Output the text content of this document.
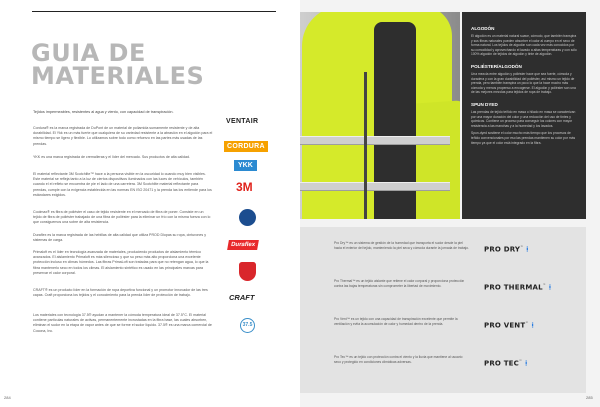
GUIA DE
MATERIALES

Tejidos impermeables, resistentes al agua y viento, con capacidad de transpiración.

Cordura® es la marca registrada de DuPont de un material de poliamida sumamente resistente y de alta durabilidad. El Ykk es un más fuerte que cualquiera de su variedad resistente a la abrasión en el algodón para el mismo tiempo se ligero y flexible. Lo utilizamos sobre todo como refuerzo en las partes más usadas de las prendas.

YKK es una marca registrada de cremalleras y el líder del mercado. Sus productos de alta calidad.

El material reflectante 3M Scotchlite™ hace a la persona visible en la oscuridad lo cuando muy bien visibles. Este material se refleja tanto a la luz de ciertos dispositivos iluminados con las luces de vehículos, también cuando el el refleto se encuentra de pie el lado de una carretera. 3M Scotchlite material reflectante para prendas, cumple con la exigencia establecida en las normas EN ISO 20471 y la prenda las los entiende para los estándares exigidos.

Coolmax® es fibra de poliéster el caso de tejido resistente en el mercado de fibra de poner. Consiste en un tejido de fibra de poliéster trabajado de una fibra de poliéster para la eliminar un frío con la mísma fuerza con lo que consiguemos una sobre de alta resistencia.

Duraflex es la marca registrada de las hebillas de alta calidad que utiliza PROD Dlopas su ropa, cinturones y sistemas de carga.

Primaloft es el líder en tecnología avanzada de materiales, produciendo productos de aislamiento térmico avanzados. El aislamiento Primaloft es más silencioso y que su peso más alto proporciona una excelente protección incluso en climas húmedos. Las fibras PrimaLoft son tratadas para que no retengan agua, lo que la fibra mantenerlo seco en todos los climas. El aislamiento sintético es usado en las principales marcas para preservar el calor corporal.

CRAFT® es un producto líder en la formación de ropa deportiva funcional y un promotor innovador de las tres capas. Craft proporciona los tejidos y el conocimiento para la prenda líder de protección de trabajo.

Los materiales con tecnología 37.5® ayudan a mantener la cómoda temperatura ideal de 37.5°C. El material contiene partículas naturales de activas, permanentemente incrustadas en la fibra base, las cuales absorben, eliminan el sudor en la etapa de vapor antes de que se forme el sudor líquido. 37.5® es una marca comercial de Cocona, Inc.

VENTAIR
CORDURA
YKK
3M
Duraflex
CRAFT
37.5
284
ALGODÓN

El algodón es un material natural suave, cómodo, que también transpira y sus fibras naturales pueden absorber el calor al cuerpo en el seco de forma natural. Los tejidos de algodón son cada vez más conocidos por su comodidad y aprovechando el lavado a altas temperaturas y con sólo 100% algodón de tejidos de algodón y tinte de algodón.

POLIÉSTER/ALGODÓN

Una mezcla entre algodón y poliéster hace que sea fuerte, cómoda y duradera y con la gran durabilidad del poliéster, así mismo un tejido de prenda, pero también transpira un poco lo que la hace mucho más cómoda y menos propenso a encogerse. El algodón y poliéster son una de las mejores mezclas para tejidos de ropa de trabajo.

SPUN DYED

Las prendas de tejido teñido en masa o hilado en masa se caracterizan por una mayor duración del color y una reducción del uso de tintes y químicos. Contiene un proceso para conseguir los colores con mayor resistencia a las manchas y a la humedad y los lavados.

Spun-dyed sostiene el color mucho más tiempo que los procesos de teñido convencionales por eso las prendas mantienen su color por más tiempo ya que el color está integrado en la fibra.

Pro Dry™ es un sistema de gestión de la humedad que transporta el sudor desde la piel hacia el exterior del tejido, manteniendo la piel seca y cómoda durante la jornada de trabajo. PRO DRY™ ⁞

Pro Thermal™ es un tejido aislante que retiene el calor corporal y proporciona protección contra las bajas temperaturas sin comprometer la libertad de movimiento.	PRO THERMAL™ ⁞

Pro Vent™ es un tejido con una capacidad de transpiración excelente que permite la ventilación y evita la acumulación de calor y humedad dentro de la prenda.	PRO VENT™ ⁞

Pro Tec™ es un tejido con protección contra el viento y la lluvia que mantiene al usuario seco y protegido en condiciones climáticas adversas.	PRO TEC™ ⁞
285
